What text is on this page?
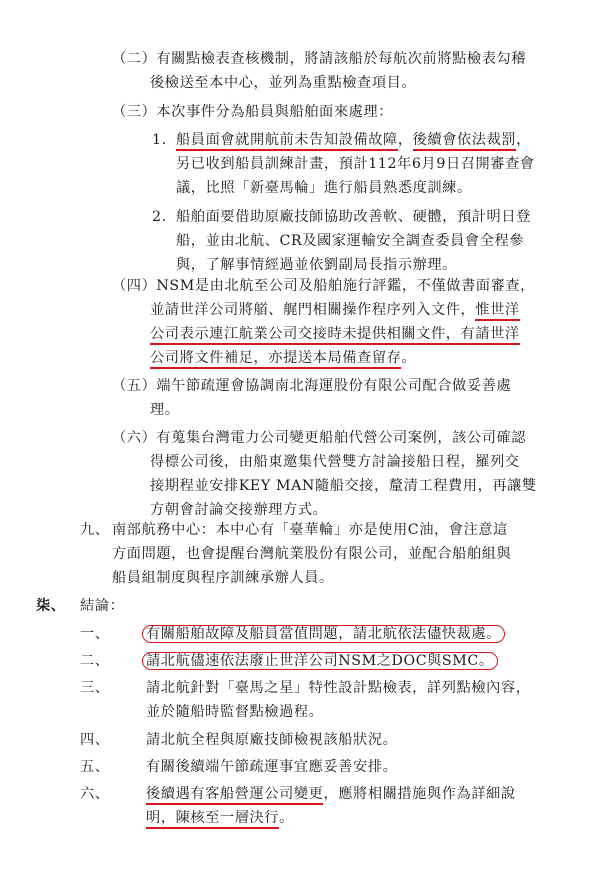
（二）有關點檢表查核機制，將請該船於每航次前將點檢表勾稽
後檢送至本中心，並列為重點檢查項目。
（三）本次事件分為船員與船舶面來處理：
1. 船員面會就開航前未告知設備故障，後續會依法裁罰，
另已收到船員訓練計畫，預計112年6月9日召開審查會
議，比照「新臺馬輪」進行船員熟悉度訓練。
2. 船舶面要借助原廠技師協助改善軟、硬體，預計明日登
船，並由北航、CR及國家運輸安全調查委員會全程參
與，了解事情經過並依劉副局長指示辦理。
（四）NSM是由北航至公司及船舶施行評鑑，不僅做書面審查，
並請世洋公司將艏、艉門相關操作程序列入文件，惟世洋
公司表示連江航業公司交接時未提供相關文件，有請世洋
公司將文件補足，亦提送本局備查留存。
（五）端午節疏運會協調南北海運股份有限公司配合做妥善處
理。
（六）有蒐集台灣電力公司變更船舶代營公司案例，該公司確認
得標公司後，由船東邀集代營雙方討論接船日程，羅列交
接期程並安排KEY MAN隨船交接，釐清工程費用，再讓雙
方朝會討論交接辦理方式。
九、 南部航務中心：本中心有「臺華輪」亦是使用C油，會注意這
方面問題，也會提醒台灣航業股份有限公司，並配合船舶組與
船員組制度與程序訓練承辦人員。
柒、 結論：
一、	有關船舶故障及船員當值問題，請北航依法儘快裁處。
二、	請北航儘速依法廢止世洋公司NSM之DOC與SMC。
三、	請北航針對「臺馬之星」特性設計點檢表，詳列點檢內容，
並於隨船時監督點檢過程。
四、	請北航全程與原廠技師檢視該船狀況。
五、	有關後續端午節疏運事宜應妥善安排。
六、	後續遇有客船營運公司變更，應將相關措施與作為詳細說
明，陳核至一層決行。
